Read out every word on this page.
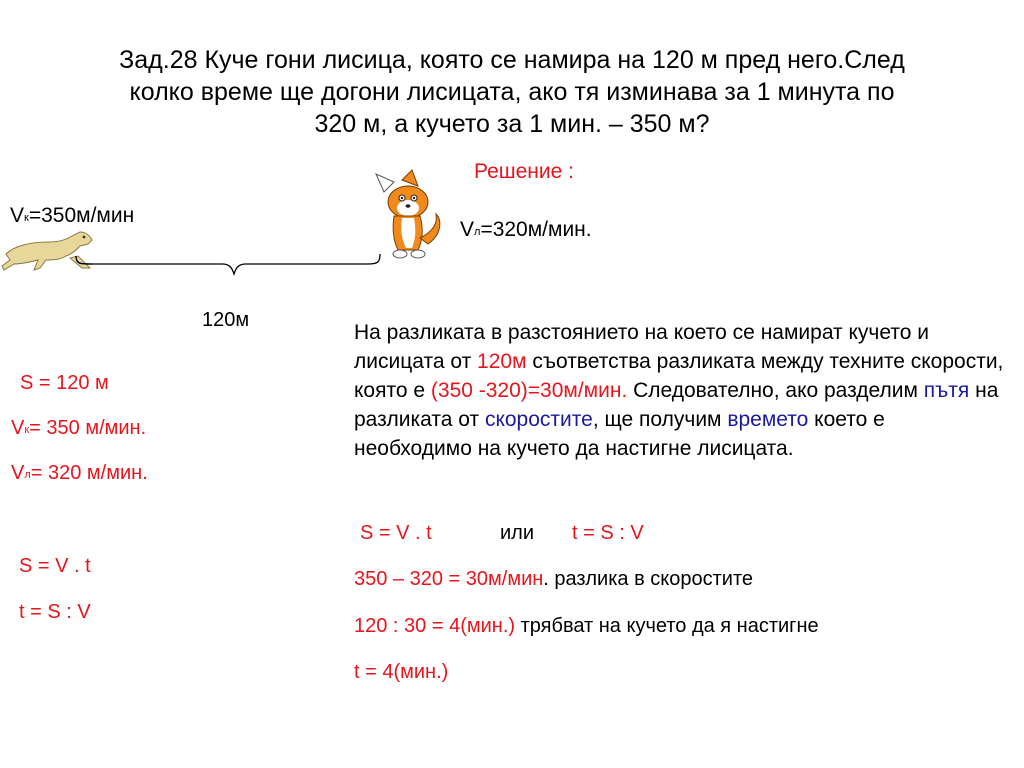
Зад.28 Куче гони лисица, която се намира на 120 м пред него.След
колко време ще догони лисицата, ако тя изминава за 1 минута по
320 м, а кучето за 1 мин. – 350 м?
Решение :
$V_к=350м$/мин
$V_л=320м$/мин.
120м
S = 120 м
$V_к= 350$ м/мин.
$V_л= 320$ м/мин.
S = V . t
t = S : V
На разликата в разстоянието на което се намират кучето и лисицата от 120м съответства разликата между техните скорости, която е (350 -320)=30м/мин. Следователно, ако разделим пътя на разликата от скоростите, ще получим времето което е необходимо на кучето да настигне лисицата.
S = V . t	или t = S : V
350 – 320 = 30м/мин. разлика в скоростите
120 : 30 = 4(мин.) трябват на кучето да я настигне
t = 4(мин.)
